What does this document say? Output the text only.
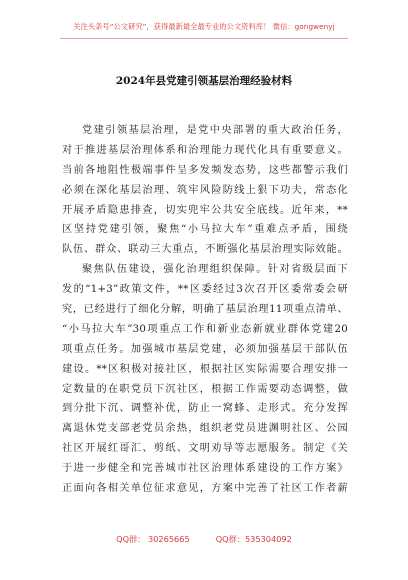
关注头条号“公文研究”，获得最新最全最专业的公文资料库！ 微信：gongwenyj
2024年县党建引领基层治理经验材料
党建引领基层治理，是党中央部署的重大政治任务，
对于推进基层治理体系和治理能力现代化具有重要意义。
当前各地阻性极端事件呈多发频发态势，这些都警示我们
必须在深化基层治理、筑牢风险防线上狠下功夫，常态化
开展矛盾隐患排查，切实兜牢公共安全底线。近年来，**
区坚持党建引领，聚焦“小马拉大车”重难点矛盾，围绕
队伍、群众、联动三大重点，不断强化基层治理实际效能。
聚焦队伍建设，强化治理组织保障。针对省级层面下
发的“1+3”政策文件，**区委经过3次召开区委常委会研
究，已经进行了细化分解，明确了基层治理11项重点清单、
“小马拉大车”30项重点工作和新业态新就业群体党建20
项重点任务。加强城市基层党建，必须加强基层干部队伍
建设。**区积极对接社区，根据社区实际需要合理安排一
定数量的在职党员下沉社区，根据工作需要动态调整，做
到分批下沉、调整补优，防止一窝蜂、走形式。充分发挥
离退休党支部老党员余热，组织老党员进渊明社区、公园
社区开展红哥汇、剪纸、文明劝导等志愿服务。制定《关
于进一步健全和完善城市社区治理体系建设的工作方案》
正面向各相关单位征求意见，方案中完善了社区工作者薪
QQ群： 30265665	QQ群：535304092
